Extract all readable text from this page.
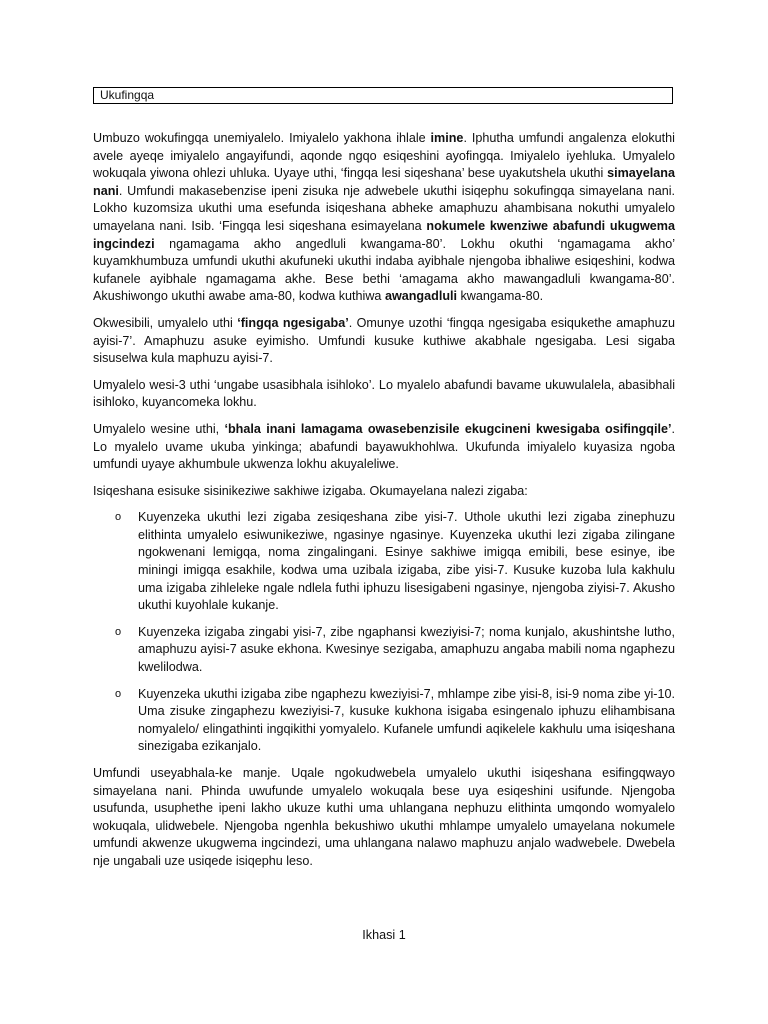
Ukufingqa

Umbuzo wokufingqa unemiyalelo. Imiyalelo yakhona ihlale imine. Iphutha umfundi angalenza elokuthi avele ayeqe imiyalelo angayifundi, aqonde ngqo esiqeshini ayofingqa. Imiyalelo iyehluka. Umyalelo wokuqala yiwona ohlezi uhluka. Uyaye uthi, ‘fingqa lesi siqeshana’ bese uyakutshela ukuthi simayelana nani. Umfundi makasebenzise ipeni zisuka nje adwebele ukuthi isiqephu sokufingqa simayelana nani. Lokho kuzomsiza ukuthi uma esefunda isiqeshana abheke amaphuzu ahambisana nokuthi umyalelo umayelana nani. Isib. ‘Fingqa lesi siqeshana esimayelana nokumele kwenziwe abafundi ukugwema ingcindezi ngamagama akho angedluli kwangama-80’. Lokhu okuthi ‘ngamagama akho’ kuyamkhumbuza umfundi ukuthi akufuneki ukuthi indaba ayibhale njengoba ibhaliwe esiqeshini, kodwa kufanele ayibhale ngamagama akhe. Bese bethi ‘amagama akho mawangadluli kwangama-80’. Akushiwongo ukuthi awabe ama-80, kodwa kuthiwa awangadluli kwangama-80.

Okwesibili, umyalelo uthi ‘fingqa ngesigaba’. Omunye uzothi ‘fingqa ngesigaba esiqukethe amaphuzu ayisi-7’. Amaphuzu asuke eyimisho. Umfundi kusuke kuthiwe akabhale ngesigaba. Lesi sigaba sisuselwa kula maphuzu ayisi-7.

Umyalelo wesi-3 uthi ‘ungabe usasibhala isihloko’. Lo myalelo abafundi bavame ukuwulalela, abasibhali isihloko, kuyancomeka lokhu.

Umyalelo wesine uthi, ‘bhala inani lamagama owasebenzisile ekugcineni kwesigaba osifingqile’. Lo myalelo uvame ukuba yinkinga; abafundi bayawukhohlwa. Ukufunda imiyalelo kuyasiza ngoba umfundi uyaye akhumbule ukwenza lokhu akuyaleliwe.

Isiqeshana esisuke sisinikeziwe sakhiwe izigaba. Okumayelana nalezi zigaba:

o Kuyenzeka ukuthi lezi zigaba zesiqeshana zibe yisi-7. Uthole ukuthi lezi zigaba zinephuzu elithinta umyalelo esiwunikeziwe, ngasinye ngasinye. Kuyenzeka ukuthi lezi zigaba zilingane ngokwenani lemigqa, noma zingalingani. Esinye sakhiwe imigqa emibili, bese esinye, ibe miningi imigqa esakhile, kodwa uma uzibala izigaba, zibe yisi-7. Kusuke kuzoba lula kakhulu uma izigaba zihleleke ngale ndlela futhi iphuzu lisesigabeni ngasinye, njengoba ziyisi-7. Akusho ukuthi kuyohlale kukanje.
o Kuyenzeka izigaba zingabi yisi-7, zibe ngaphansi kweziyisi-7; noma kunjalo, akushintshe lutho, amaphuzu ayisi-7 asuke ekhona. Kwesinye sezigaba, amaphuzu angaba mabili noma ngaphezu kwelilodwa.
o Kuyenzeka ukuthi izigaba zibe ngaphezu kweziyisi-7, mhlampe zibe yisi-8, isi-9 noma zibe yi-10. Uma zisuke zingaphezu kweziyisi-7, kusuke kukhona isigaba esingenalo iphuzu elihambisana nomyalelo/ elingathinti ingqikithi yomyalelo. Kufanele umfundi aqikelele kakhulu uma isiqeshana sinezigaba ezikanjalo.

Umfundi useyabhala-ke manje. Uqale ngokudwebela umyalelo ukuthi isiqeshana esifingqwayo simayelana nani. Phinda uwufunde umyalelo wokuqala bese uya esiqeshini usifunde. Njengoba usufunda, usuphethe ipeni lakho ukuze kuthi uma uhlangana nephuzu elithinta umqondo womyalelo wokuqala, ulidwebele. Njengoba ngenhla bekushiwo ukuthi mhlampe umyalelo umayelana nokumele umfundi akwenze ukugwema ingcindezi, uma uhlangana nalawo maphuzu anjalo wadwebele. Dwebela nje ungabali uze usiqede isiqephu leso.

Ikhasi 1
